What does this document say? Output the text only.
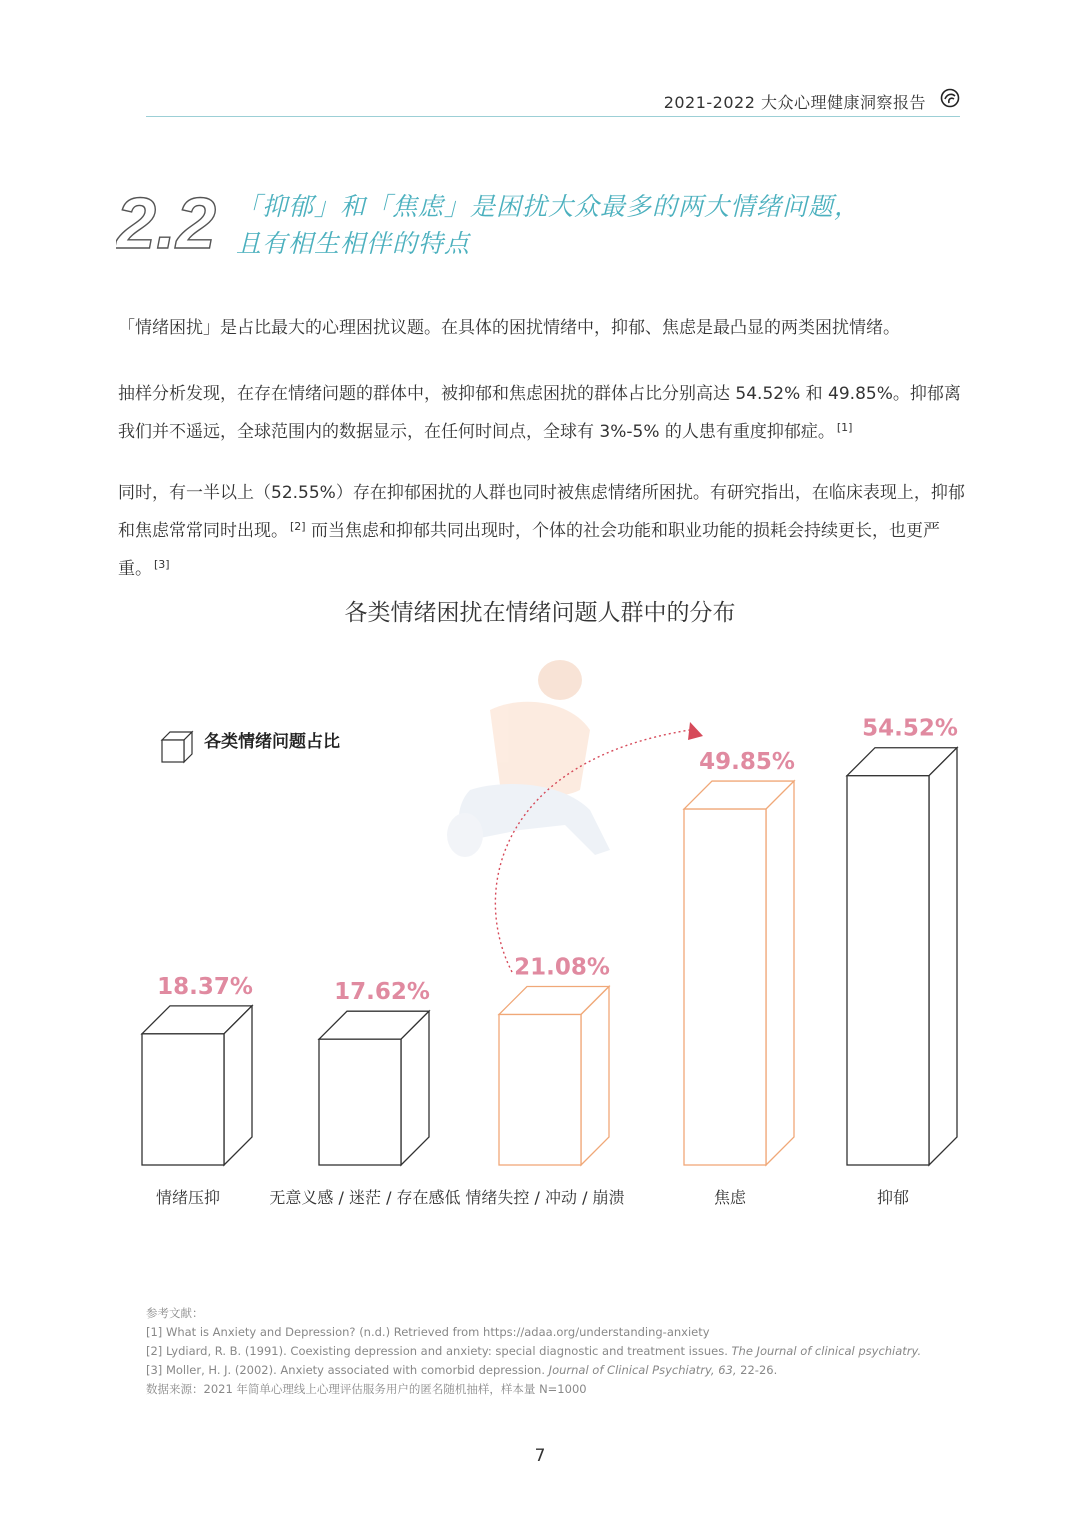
2021-2022 大众心理健康洞察报告
2.2 「抑郁」和「焦虑」是困扰大众最多的两大情绪问题，
且有相生相伴的特点
「情绪困扰」是占比最大的心理困扰议题。在具体的困扰情绪中，抑郁、焦虑是最凸显的两类困扰情绪。
抽样分析发现，在存在情绪问题的群体中，被抑郁和焦虑困扰的群体占比分别高达 54.52% 和 49.85%。抑郁离我们并不遥远，全球范围内的数据显示，在任何时间点，全球有 3%-5% 的人患有重度抑郁症。 [1]
同时，有一半以上（52.55%）存在抑郁困扰的人群也同时被焦虑情绪所困扰。有研究指出，在临床表现上，抑郁和焦虑常常同时出现。 [2] 而当焦虑和抑郁共同出现时，个体的社会功能和职业功能的损耗会持续更长，也更严重。 [3]
各类情绪困扰在情绪问题人群中的分布
各类情绪问题占比
情绪压抑	无意义感 / 迷茫 / 存在感低 情绪失控 / 冲动 / 崩溃	焦虑	抑郁
18.37%	17.62%
21.08%
49.85%
54.52%
参考文献：
[1] What is Anxiety and Depression? (n.d.) Retrieved from https://adaa.org/understanding-anxiety
[2] Lydiard, R. B. (1991). Coexisting depression and anxiety: special diagnostic and treatment issues. The Journal of clinical psychiatry.
[3] Moller, H. J. (2002). Anxiety associated with comorbid depression. Journal of Clinical Psychiatry, 63, 22-26.
数据来源：2021 年简单心理线上心理评估服务用户的匿名随机抽样，样本量 N=1000
7
